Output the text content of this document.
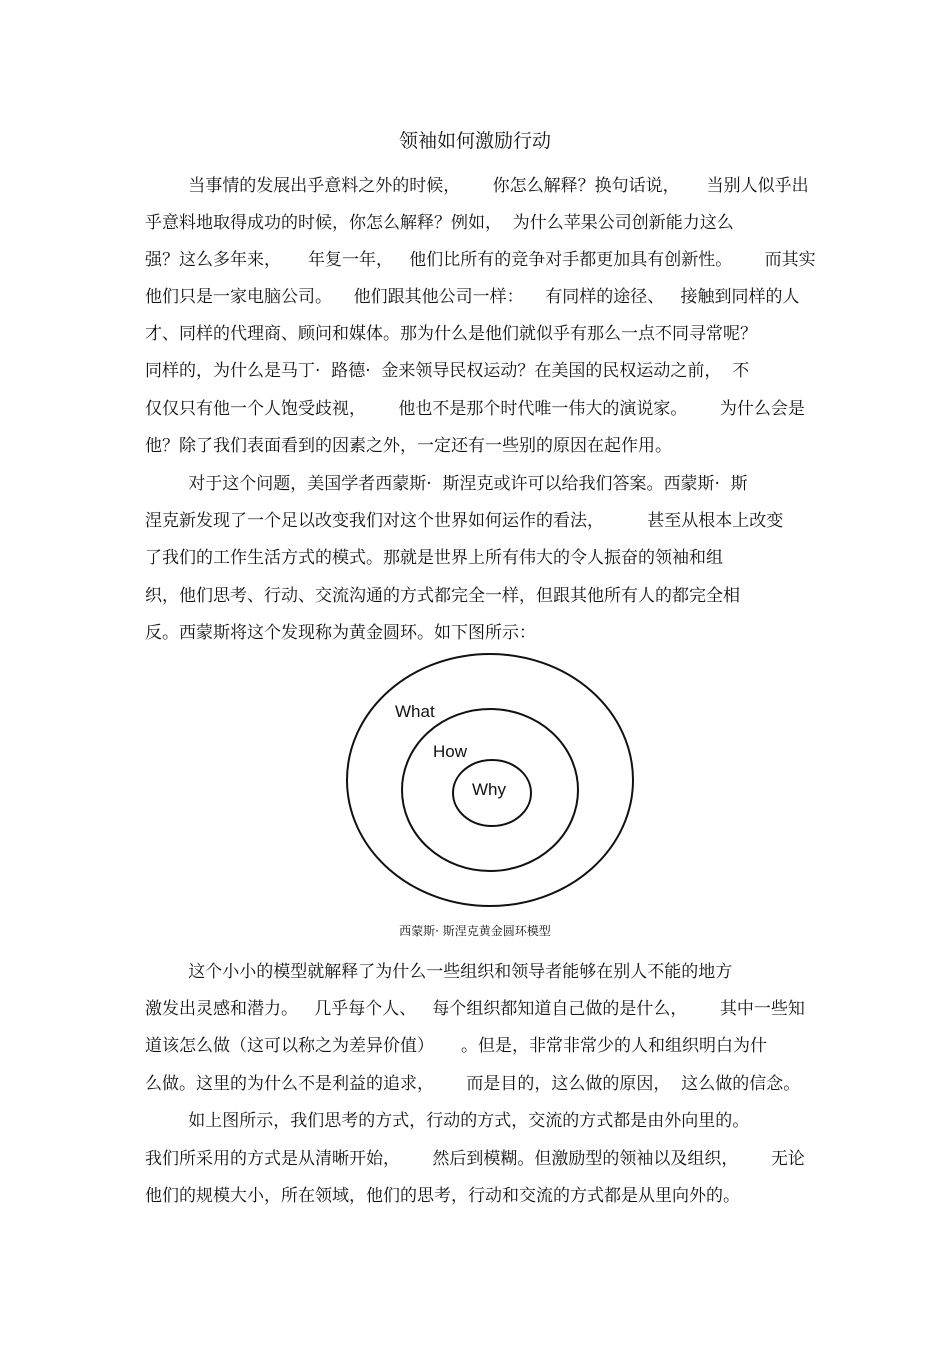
领袖如何激励行动
当事情的发展出乎意料之外的时候，      你怎么解释？换句话说，     当别人似乎出
乎意料地取得成功的时候，你怎么解释？例如，  为什么苹果公司创新能力这么
强？这么多年来，     年复一年，   他们比所有的竞争对手都更加具有创新性。      而其实
他们只是一家电脑公司。    他们跟其他公司一样：    有同样的途径、   接触到同样的人
才、同样的代理商、顾问和媒体。那为什么是他们就似乎有那么一点不同寻常呢？
同样的，为什么是马丁·  路德·  金来领导民权运动？在美国的民权运动之前，  不
仅仅只有他一个人饱受歧视，      他也不是那个时代唯一伟大的演说家。      为什么会是
他？除了我们表面看到的因素之外，一定还有一些别的原因在起作用。
对于这个问题，美国学者西蒙斯·  斯涅克或许可以给我们答案。西蒙斯·  斯
涅克新发现了一个足以改变我们对这个世界如何运作的看法，        甚至从根本上改变
了我们的工作生活方式的模式。那就是世界上所有伟大的令人振奋的领袖和组
织，他们思考、行动、交流沟通的方式都完全一样，但跟其他所有人的都完全相
反。西蒙斯将这个发现称为黄金圆环。如下图所示：
What
How
Why
西蒙斯· 斯涅克黄金圆环模型
这个小小的模型就解释了为什么一些组织和领导者能够在别人不能的地方
激发出灵感和潜力。   几乎每个人、   每个组织都知道自己做的是什么，      其中一些知
道该怎么做（这可以称之为差异价值）     。但是，非常非常少的人和组织明白为什
么做。这里的为什么不是利益的追求，      而是目的，这么做的原因，  这么做的信念。
如上图所示，我们思考的方式，行动的方式，交流的方式都是由外向里的。
我们所采用的方式是从清晰开始，      然后到模糊。但激励型的领袖以及组织，      无论
他们的规模大小，所在领域，他们的思考，行动和交流的方式都是从里向外的。
